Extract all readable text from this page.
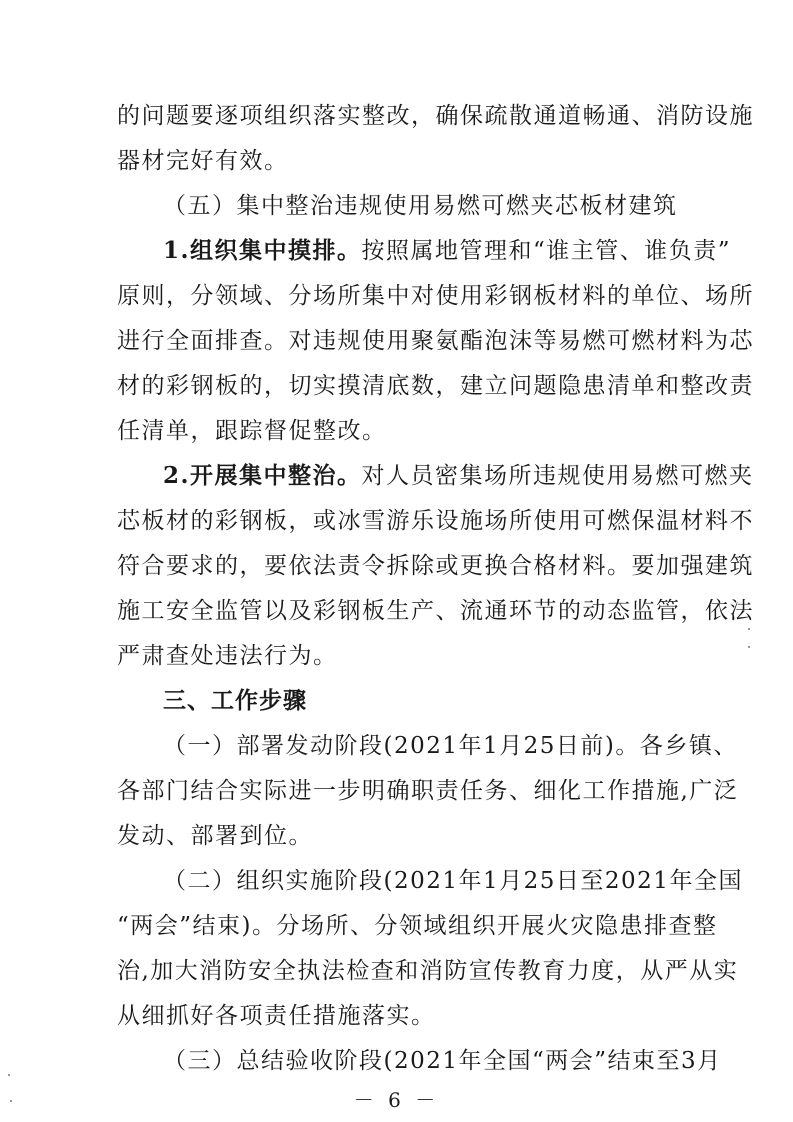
的问题要逐项组织落实整改，确保疏散通道畅通、消防设施
器材完好有效。
（五）集中整治违规使用易燃可燃夹芯板材建筑
1.组织集中摸排。按照属地管理和“谁主管、谁负责”
原则，分领域、分场所集中对使用彩钢板材料的单位、场所
进行全面排查。对违规使用聚氨酯泡沫等易燃可燃材料为芯
材的彩钢板的，切实摸清底数，建立问题隐患清单和整改责
任清单，跟踪督促整改。
2.开展集中整治。对人员密集场所违规使用易燃可燃夹
芯板材的彩钢板，或冰雪游乐设施场所使用可燃保温材料不
符合要求的，要依法责令拆除或更换合格材料。要加强建筑
施工安全监管以及彩钢板生产、流通环节的动态监管，依法
严肃查处违法行为。
三、工作步骤
（一）部署发动阶段(2021年1月25日前)。各乡镇、
各部门结合实际进一步明确职责任务、细化工作措施,广泛
发动、部署到位。
（二）组织实施阶段(2021年1月25日至2021年全国
“两会”结束)。分场所、分领域组织开展火灾隐患排查整
治,加大消防安全执法检查和消防宣传教育力度，从严从实
从细抓好各项责任措施落实。
（三）总结验收阶段(2021年全国“两会”结束至3月
－ 6 －
